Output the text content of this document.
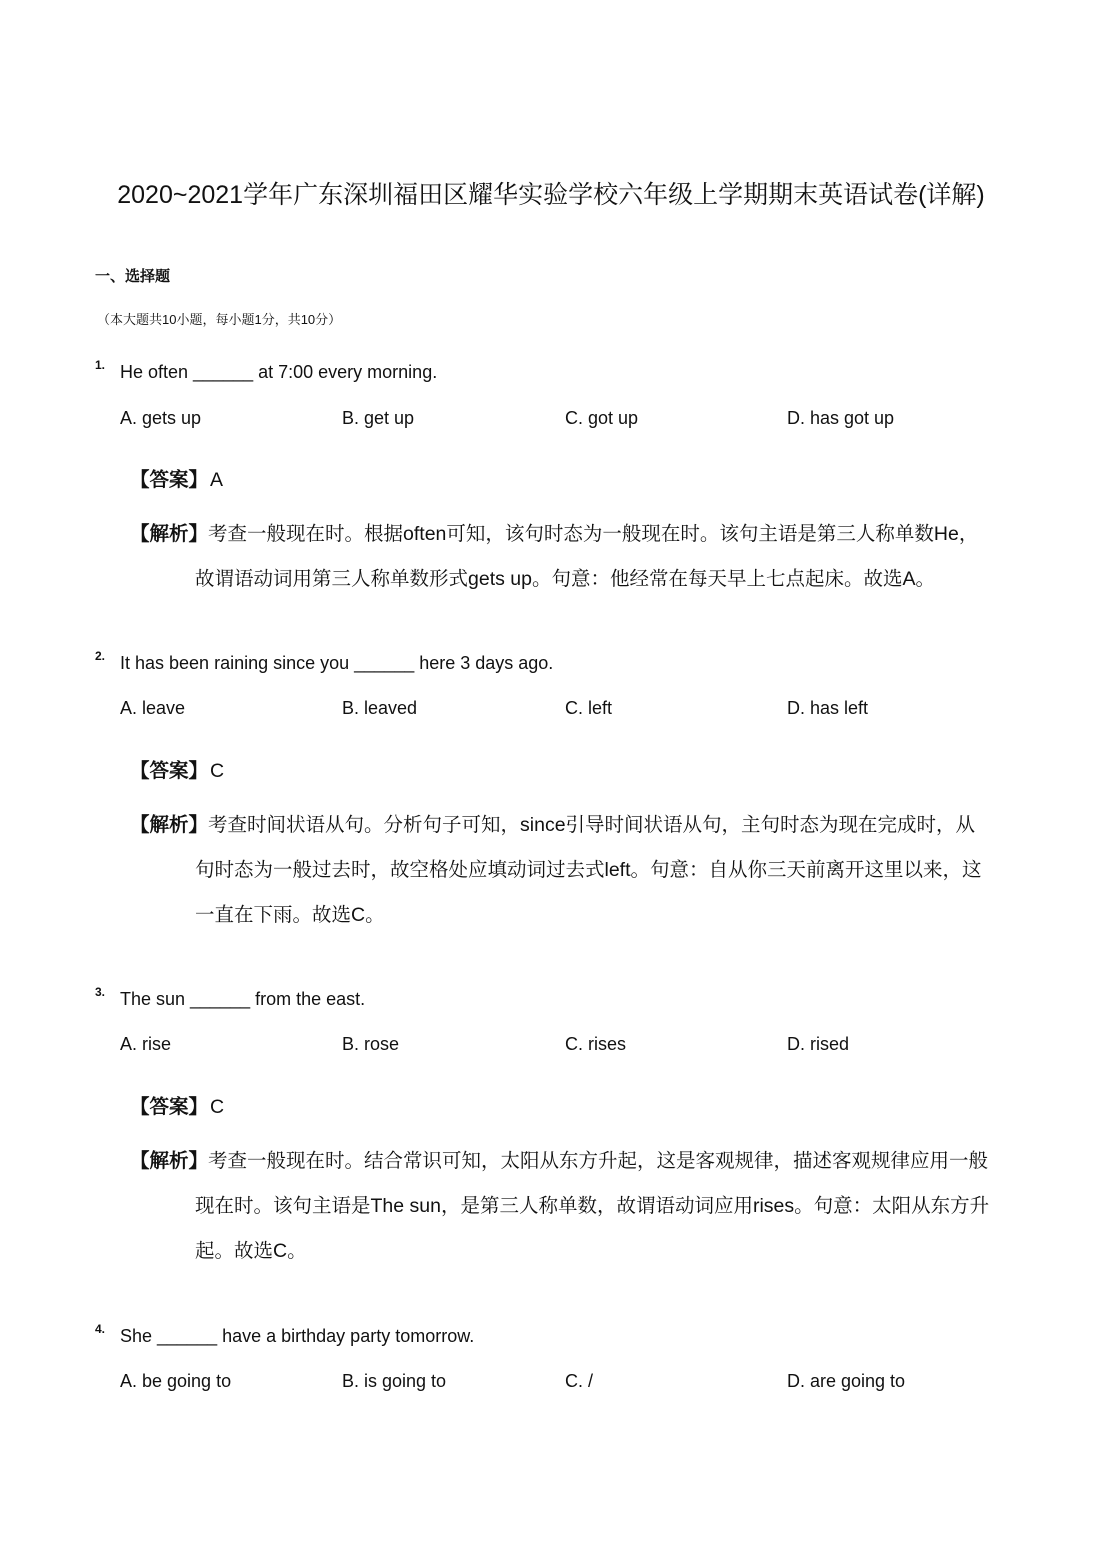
2020~2021学年广东深圳福田区耀华实验学校六年级上学期期末英语试卷(详解)
一、选择题
（本大题共10小题，每小题1分，共10分）
1. He often ______ at 7:00 every morning.
A. gets up	B. get up	C. got up	D. has got up
【答案】 A
【解析】考查一般现在时。根据often可知，该句时态为一般现在时。该句主语是第三人称单数He，
故谓语动词用第三人称单数形式gets up。句意：他经常在每天早上七点起床。故选A。
2. It has been raining since you ______ here 3 days ago.
A. leave	B. leaved	C. left	D. has left
【答案】 C
【解析】考查时间状语从句。分析句子可知，since引导时间状语从句，主句时态为现在完成时，从
句时态为一般过去时，故空格处应填动词过去式left。句意：自从你三天前离开这里以来，这
一直在下雨。故选C。
3. The sun ______ from the east.
A. rise	B. rose	C. rises	D. rised
【答案】 C
【解析】考查一般现在时。结合常识可知，太阳从东方升起，这是客观规律，描述客观规律应用一般
现在时。该句主语是The sun，是第三人称单数，故谓语动词应用rises。句意：太阳从东方升
起。故选C。
4. She ______ have a birthday party tomorrow.
A. be going to	B. is going to	C. /	D. are going to
